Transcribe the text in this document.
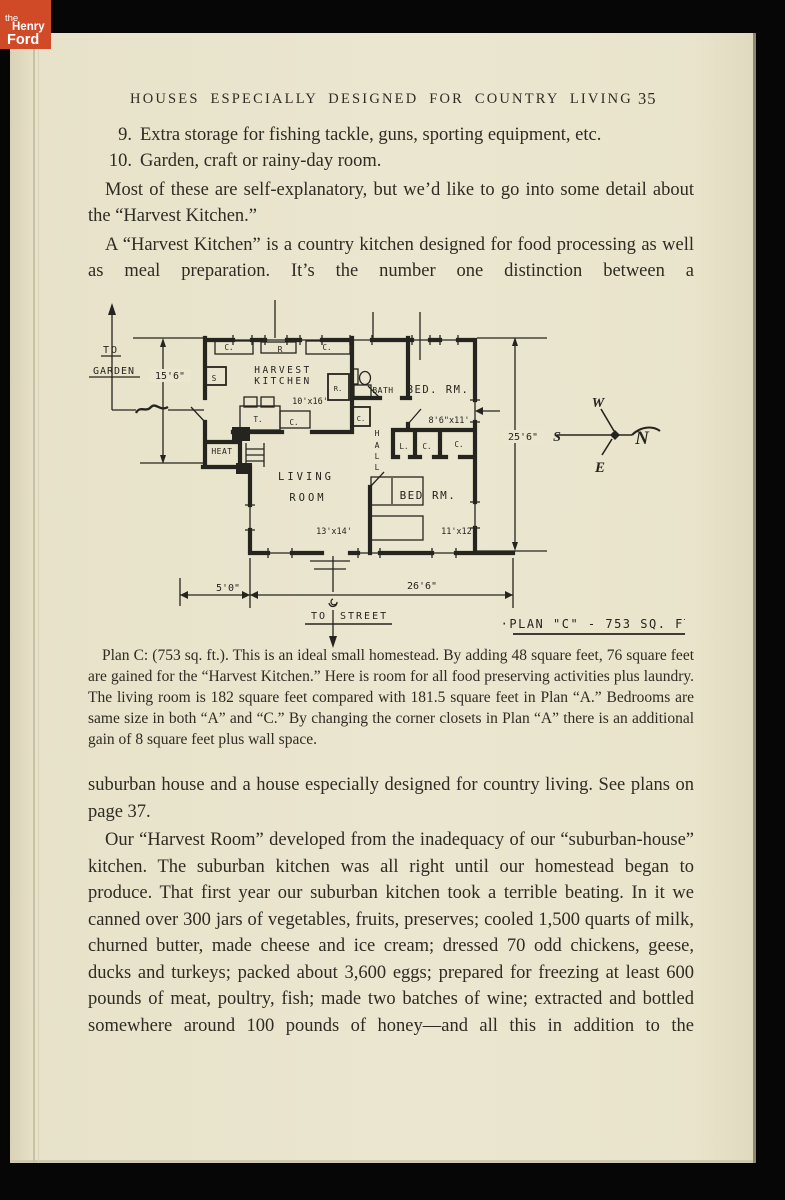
the
Henry
Ford
HOUSES ESPECIALLY DESIGNED FOR COUNTRY LIVING 35
9. Extra storage for fishing tackle, guns, sporting equipment, etc.
10. Garden, craft or rainy-day room.
Most of these are self-explanatory, but we’d like to go into some detail about the “Harvest Kitchen.”
A “Harvest Kitchen” is a country kitchen designed for food processing as well as meal preparation. It’s the number one distinction between a
W
S	N
E
TO
GARDEN 15'6"
C.	R	C.
HARVEST
KITCHEN
10'x16'
S
R.
T.	C.	C.
HEAT
BATH
H
A
L
L
BED. RM.
8'6"x11'
L. C.	C.
LIVING
ROOM
13'x14'
BED RM.
11'x12'
25'6"
5'0"	26'6"
TO STREET
·PLAN "C" - 753 SQ. FT.
Plan C: (753 sq. ft.). This is an ideal small homestead. By adding 48 square feet, 76 square feet are gained for the “Harvest Kitchen.” Here is room for all food preserving activities plus laundry. The living room is 182 square feet compared with 181.5 square feet in Plan “A.” Bedrooms are same size in both “A” and “C.” By changing the corner closets in Plan “A” there is an additional gain of 8 square feet plus wall space.
suburban house and a house especially designed for country living. See plans on page 37.
Our “Harvest Room” developed from the inadequacy of our “suburban-house” kitchen. The suburban kitchen was all right until our homestead began to produce. That first year our suburban kitchen took a terrible beating. In it we canned over 300 jars of vegetables, fruits, preserves; cooled 1,500 quarts of milk, churned butter, made cheese and ice cream; dressed 70 odd chickens, geese, ducks and turkeys; packed about 3,600 eggs; prepared for freezing at least 600 pounds of meat, poultry, fish; made two batches of wine; extracted and bottled somewhere around 100 pounds of honey—and all this in addition to the
